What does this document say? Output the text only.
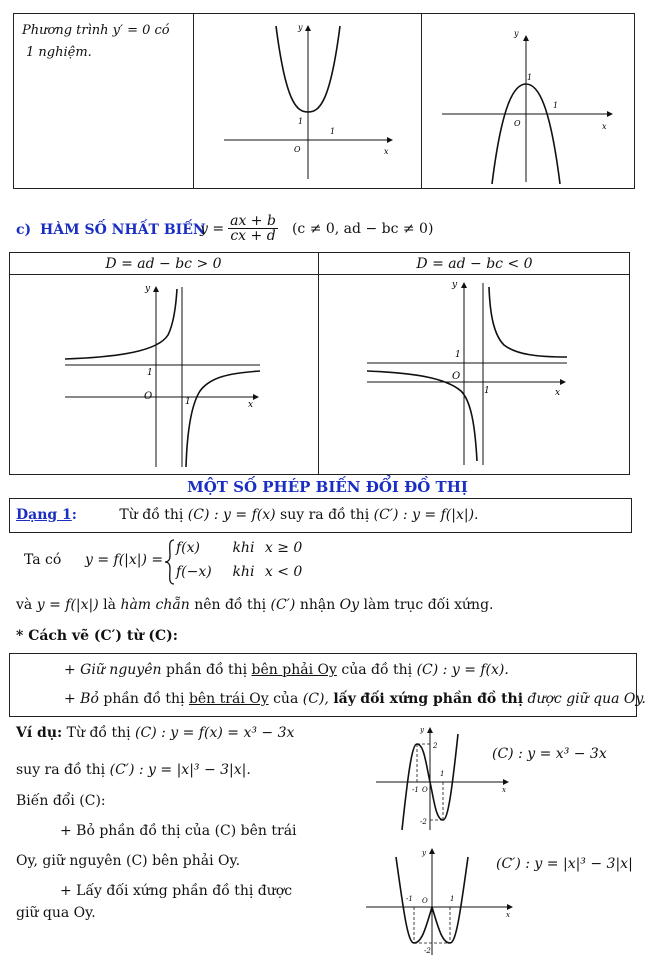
Phương trình y′ = 0 có
1 nghiệm.
y
x
O
1
1
y
x
O
1
1
c) HÀM SỐ NHẤT BIẾN
$y = \frac{ax + b}{cx + d} (c \ne 0$, ad − bc ≠ 0)
D = ad − bc > 0	D = ad − bc < 0
y
x
O
1
1
y
x
O
1
1
MỘT SỐ PHÉP BIẾN ĐỔI ĐỒ THỊ
Dạng 1:	Từ đồ thị (C) : y = f(x) suy ra đồ thị (C′) : y = f(|x|).
Ta có y = f(|x|) =
f(x) khi x ≥ 0
f(−x) khi x < 0
và y = f(|x|) là hàm chẵn nên đồ thị (C′) nhận Oy làm trục đối xứng.
* Cách vẽ (C′) từ (C):
+ Giữ nguyên phần đồ thị bên phải Oy của đồ thị (C) : y = f(x).
+ Bỏ phần đồ thị bên trái Oy của (C), lấy đối xứng phần đồ thị được giữ qua Oy.
Ví dụ: Từ đồ thị (C) : y = f(x) = x³ − 3x
suy ra đồ thị (C′) : y = |x|³ − 3|x|.
Biến đổi (C):
+ Bỏ phần đồ thị của (C) bên trái
Oy, giữ nguyên (C) bên phải Oy.
+ Lấy đối xứng phần đồ thị được
giữ qua Oy.
y
x
2
-2
-1
1
O
(C) : y = x³ − 3x
y
x
-1	1
O
-2
(C′) : y = |x|³ − 3|x|
